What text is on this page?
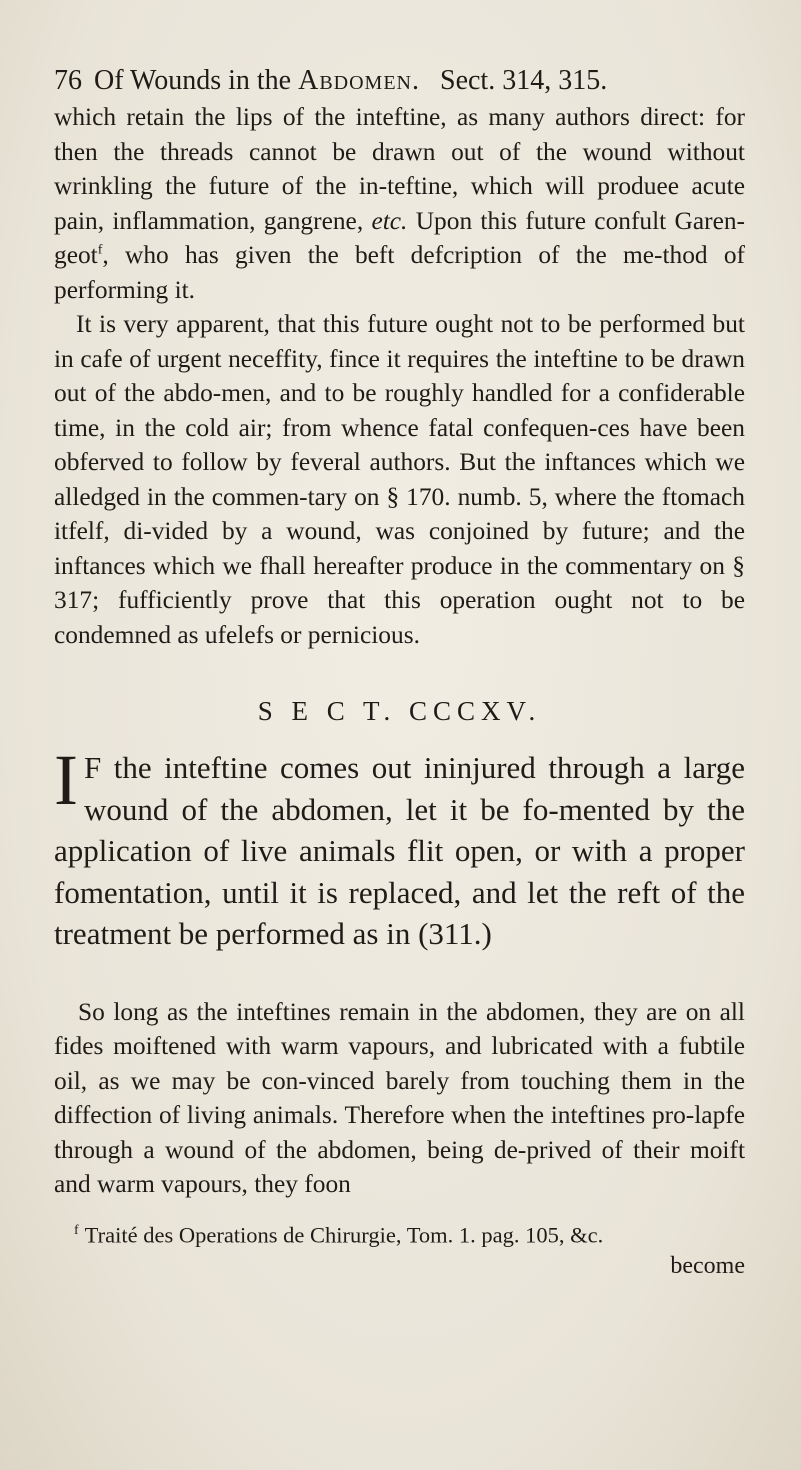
76 Of Wounds in the Abdomen. Sect. 314, 315.

which retain the lips of the inteftine, as many authors direct: for then the threads cannot be drawn out of the wound without wrinkling the future of the in-teftine, which will produee acute pain, inflammation, gangrene, etc. Upon this future confult Garen-geot$^f$, who has given the beft defcription of the me-thod of performing it.

It is very apparent, that this future ought not to be performed but in cafe of urgent neceffity, fince it requires the inteftine to be drawn out of the abdo-men, and to be roughly handled for a confiderable time, in the cold air; from whence fatal confequen-ces have been obferved to follow by feveral authors. But the inftances which we alledged in the commen-tary on § 170. numb. 5, where the ftomach itfelf, di-vided by a wound, was conjoined by future; and the inftances which we fhall hereafter produce in the commentary on § 317; fufficiently prove that this operation ought not to be condemned as ufelefs or pernicious.

S E C T. CCCXV.

I F the inteftine comes out ininjured through a large wound of the abdomen, let it be fo-mented by the application of live animals flit open, or with a proper fomentation, until it is replaced, and let the reft of the treatment be performed as in (311.)

So long as the inteftines remain in the abdomen, they are on all fides moiftened with warm vapours, and lubricated with a fubtile oil, as we may be con-vinced barely from touching them in the diffection of living animals. Therefore when the inteftines pro-lapfe through a wound of the abdomen, being de-prived of their moift and warm vapours, they foon

$^f$ Traité des Operations de Chirurgie, Tom. 1. pag. 105, &c.
become
